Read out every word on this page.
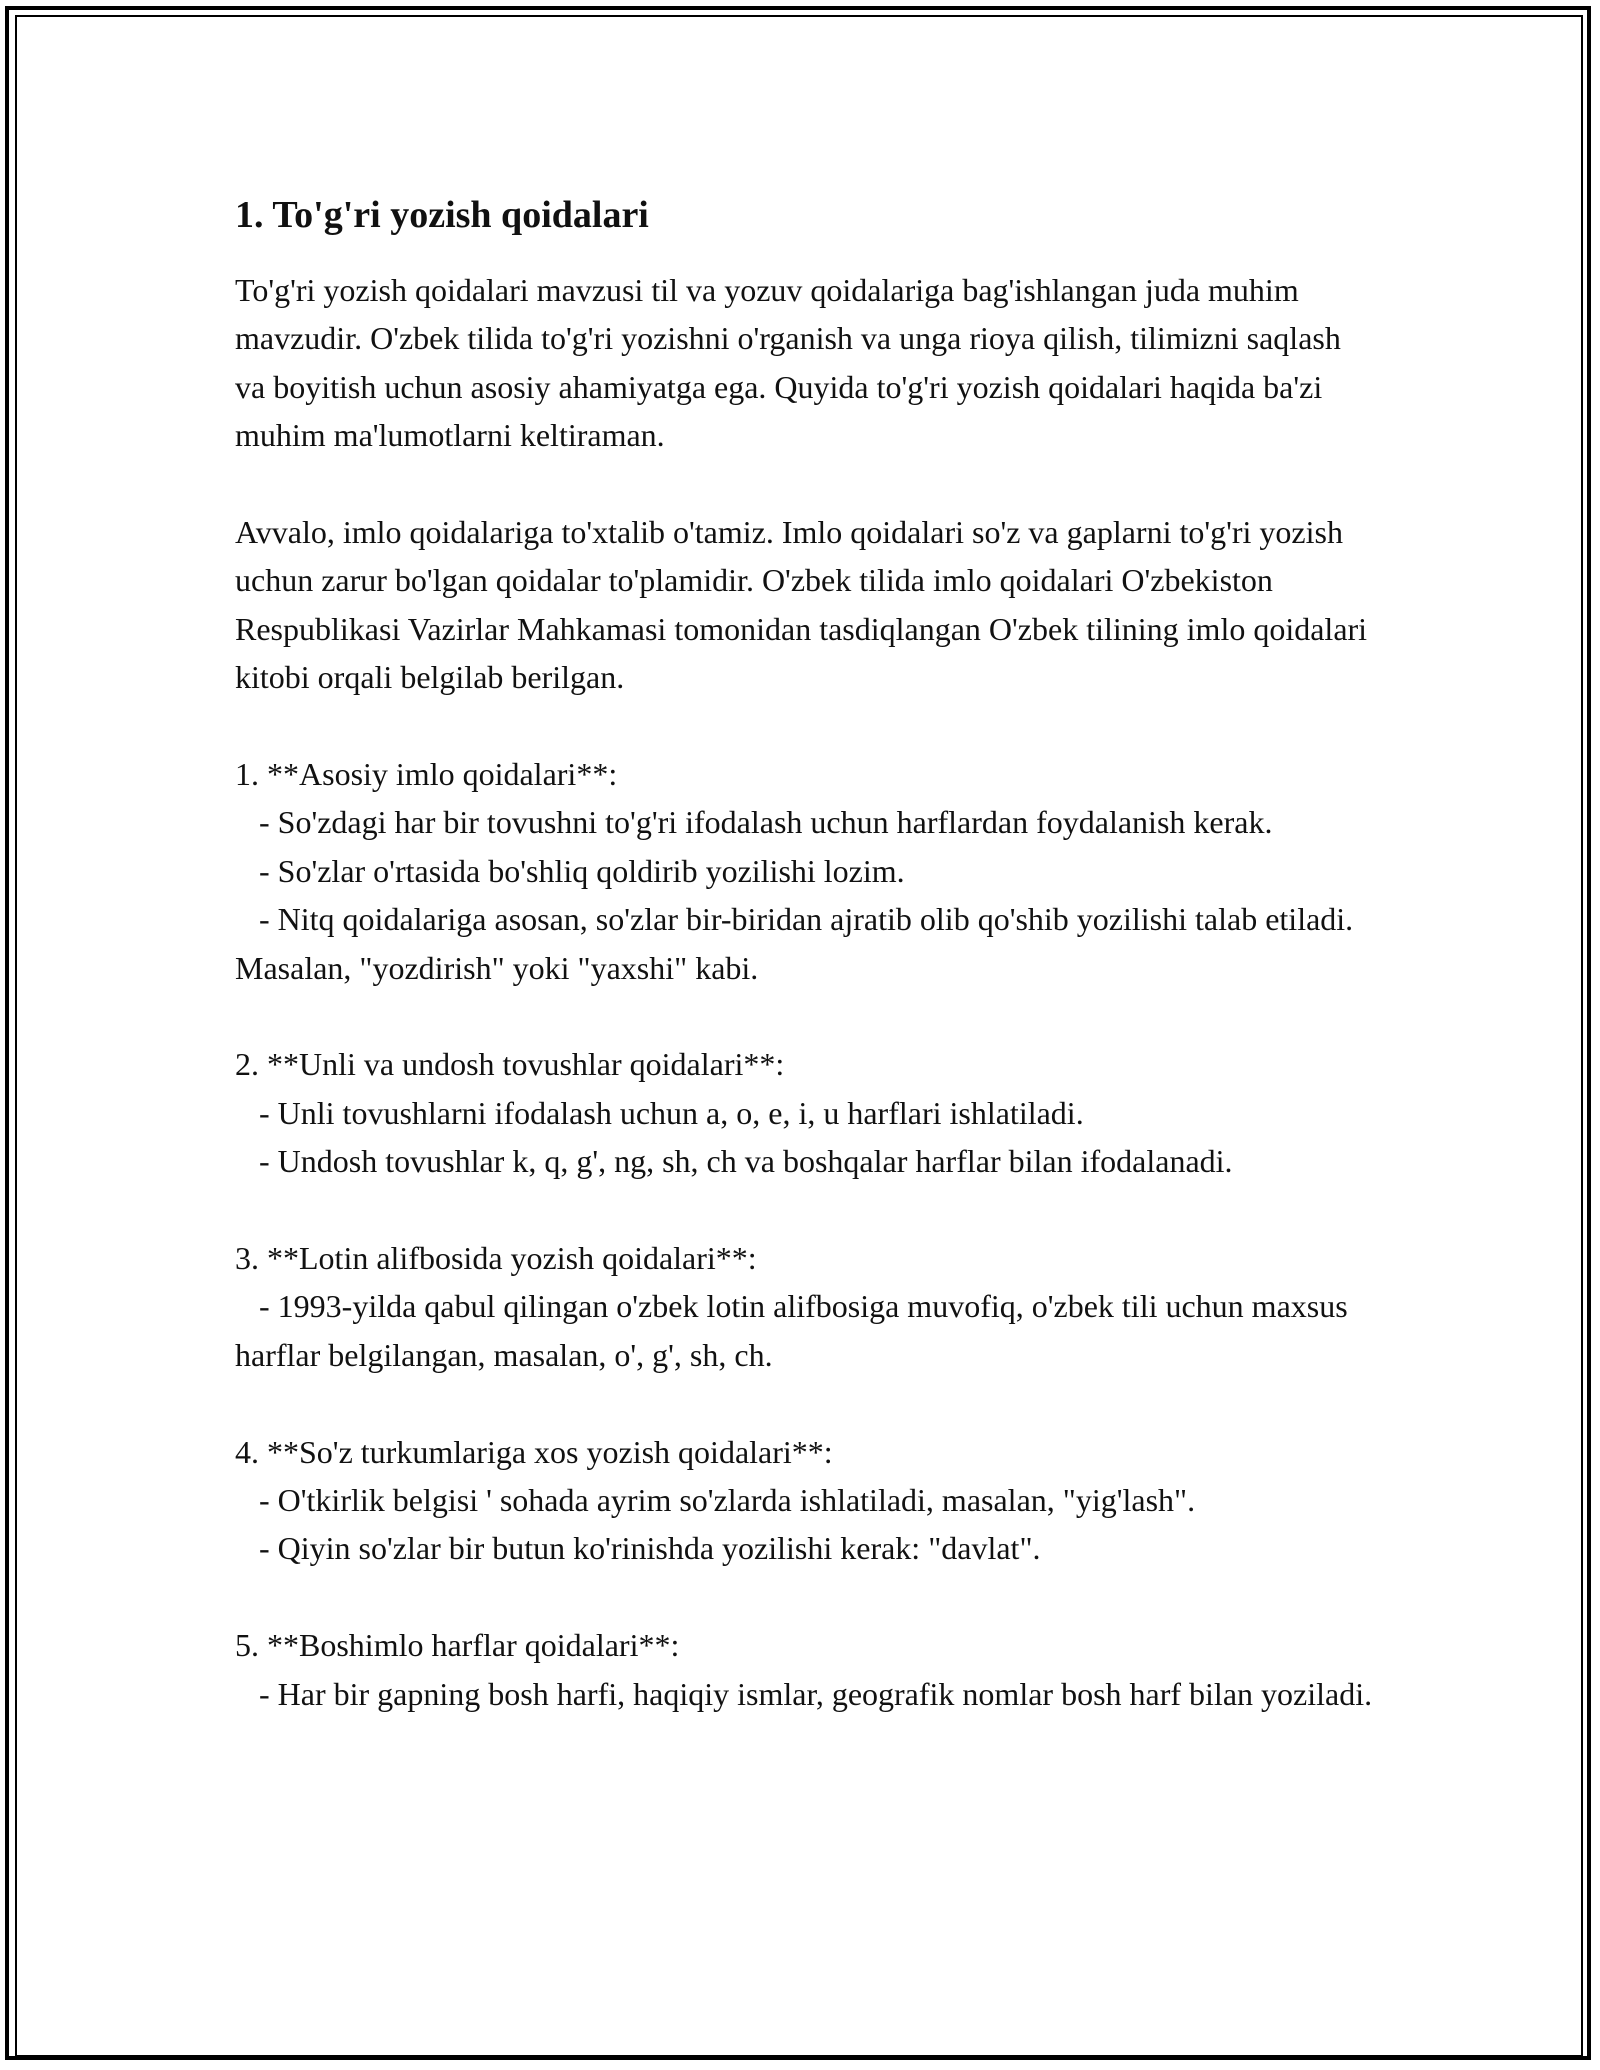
1. To'g'ri yozish qoidalari
To'g'ri yozish qoidalari mavzusi til va yozuv qoidalariga bag'ishlangan juda muhim mavzudir. O'zbek tilida to'g'ri yozishni o'rganish va unga rioya qilish, tilimizni saqlash va boyitish uchun asosiy ahamiyatga ega. Quyida to'g'ri yozish qoidalari haqida ba'zi muhim ma'lumotlarni keltiraman.
Avvalo, imlo qoidalariga to'xtalib o'tamiz. Imlo qoidalari so'z va gaplarni to'g'ri yozish uchun zarur bo'lgan qoidalar to'plamidir. O'zbek tilida imlo qoidalari O'zbekiston Respublikasi Vazirlar Mahkamasi tomonidan tasdiqlangan O'zbek tilining imlo qoidalari kitobi orqali belgilab berilgan.
1. **Asosiy imlo qoidalari**:
- So'zdagi har bir tovushni to'g'ri ifodalash uchun harflardan foydalanish kerak.
- So'zlar o'rtasida bo'shliq qoldirib yozilishi lozim.
- Nitq qoidalariga asosan, so'zlar bir-biridan ajratib olib qo'shib yozilishi talab etiladi. Masalan, "yozdirish" yoki "yaxshi" kabi.
2. **Unli va undosh tovushlar qoidalari**:
- Unli tovushlarni ifodalash uchun a, o, e, i, u harflari ishlatiladi.
- Undosh tovushlar k, q, g', ng, sh, ch va boshqalar harflar bilan ifodalanadi.
3. **Lotin alifbosida yozish qoidalari**:
- 1993-yilda qabul qilingan o'zbek lotin alifbosiga muvofiq, o'zbek tili uchun maxsus harflar belgilangan, masalan, o', g', sh, ch.
4. **So'z turkumlariga xos yozish qoidalari**:
- O'tkirlik belgisi ' sohada ayrim so'zlarda ishlatiladi, masalan, "yig'lash".
- Qiyin so'zlar bir butun ko'rinishda yozilishi kerak: "davlat".
5. **Boshimlo harflar qoidalari**:
- Har bir gapning bosh harfi, haqiqiy ismlar, geografik nomlar bosh harf bilan yoziladi.
